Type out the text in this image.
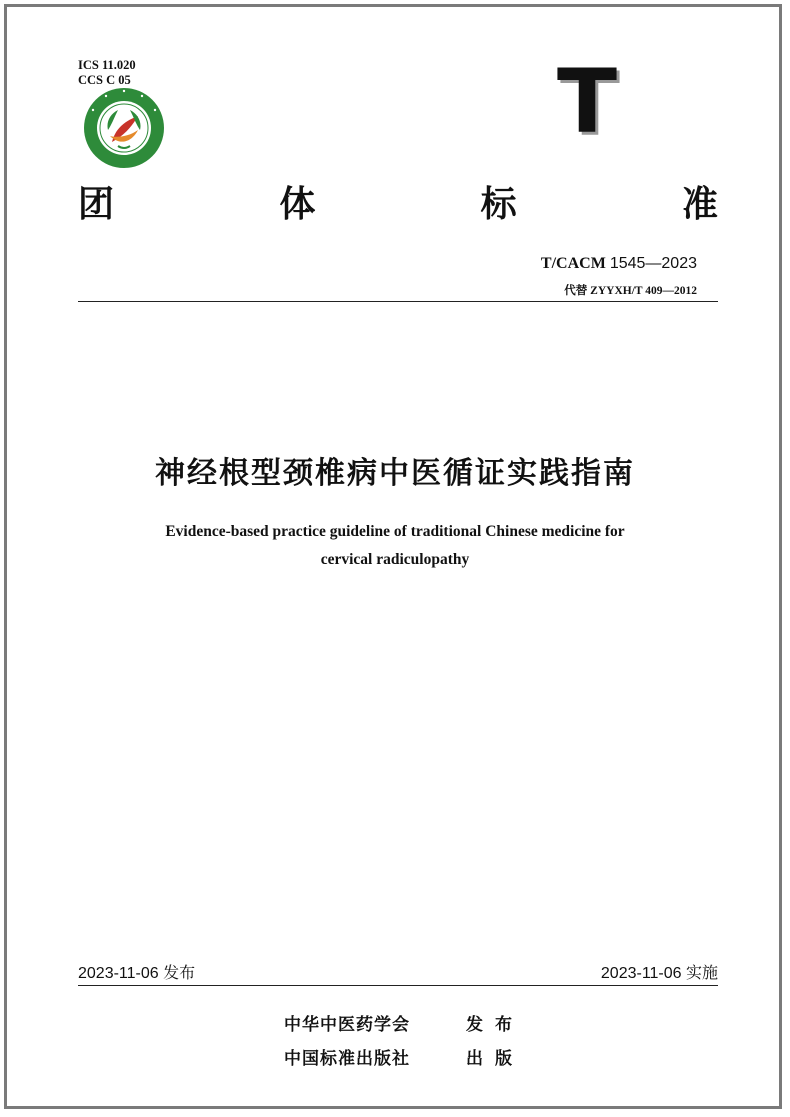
ICS 11.020
CCS C 05	T
团	体	标	准
T/CACM 1545—2023
代替 ZYYXH/T 409—2012
神经根型颈椎病中医循证实践指南
Evidence-based practice guideline of traditional Chinese medicine for
cervical radiculopathy
2023-11-06 发布	2023-11-06 实施
中华中医药学会	发布
中国标准出版社	出版
